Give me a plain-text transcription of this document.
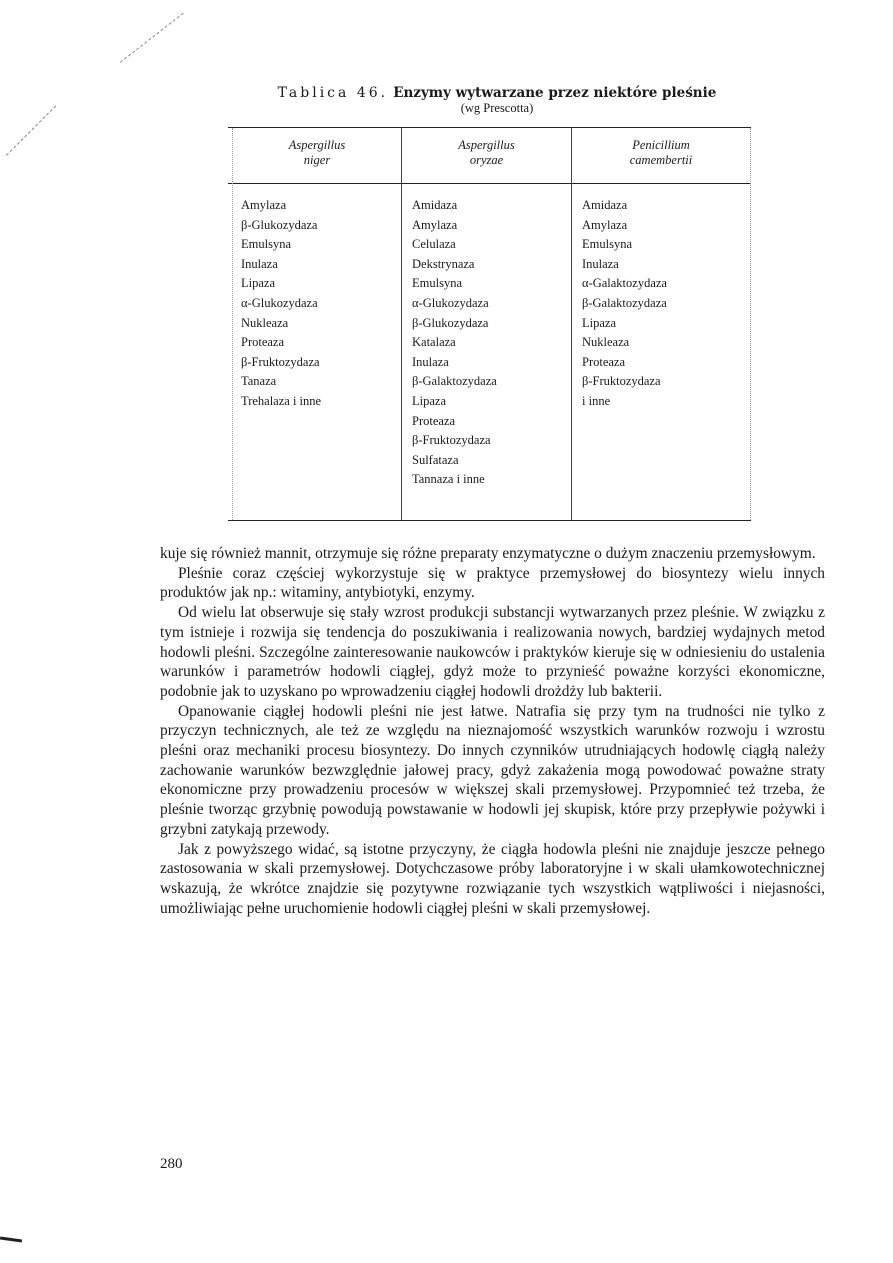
Tablica 46. Enzymy wytwarzane przez niektóre pleśnie
(wg Prescotta)
Aspergillus
niger
Aspergillus
oryzae
Penicillium
camembertii
Amylaza
β-Glukozydaza
Emulsyna
Inulaza
Lipaza
α-Glukozydaza
Nukleaza
Proteaza
β-Fruktozydaza
Tanaza
Trehalaza i inne
Amidaza
Amylaza
Celulaza
Dekstrynaza
Emulsyna
α-Glukozydaza
β-Glukozydaza
Katalaza
Inulaza
β-Galaktozydaza
Lipaza
Proteaza
β-Fruktozydaza
Sulfataza
Tannaza i inne
Amidaza
Amylaza
Emulsyna
Inulaza
α-Galaktozydaza
β-Galaktozydaza
Lipaza
Nukleaza
Proteaza
β-Fruktozydaza
i inne

kuje się również mannit, otrzymuje się różne preparaty enzymatyczne o dużym znaczeniu przemysłowym.

Pleśnie coraz częściej wykorzystuje się w praktyce przemysłowej do biosyntezy wielu innych produktów jak np.: witaminy, antybiotyki, enzymy.

Od wielu lat obserwuje się stały wzrost produkcji substancji wytwarzanych przez pleśnie. W związku z tym istnieje i rozwija się tendencja do poszukiwania i realizowania nowych, bardziej wydajnych metod hodowli pleśni. Szczególne zainteresowanie naukowców i praktyków kieruje się w odniesieniu do ustalenia warunków i parametrów hodowli ciągłej, gdyż może to przynieść poważne korzyści ekonomiczne, podobnie jak to uzyskano po wprowadzeniu ciągłej hodowli drożdży lub bakterii.

Opanowanie ciągłej hodowli pleśni nie jest łatwe. Natrafia się przy tym na trudności nie tylko z przyczyn technicznych, ale też ze względu na nieznajomość wszystkich warunków rozwoju i wzrostu pleśni oraz mechaniki procesu biosyntezy. Do innych czynników utrudniających hodowlę ciągłą należy zachowanie warunków bezwzględnie jałowej pracy, gdyż zakażenia mogą powodować poważne straty ekonomiczne przy prowadzeniu procesów w większej skali przemysłowej. Przypomnieć też trzeba, że pleśnie tworząc grzybnię powodują powstawanie w hodowli jej skupisk, które przy przepływie pożywki i grzybni zatykają przewody.

Jak z powyższego widać, są istotne przyczyny, że ciągła hodowla pleśni nie znajduje jeszcze pełnego zastosowania w skali przemysłowej. Dotychczasowe próby laboratoryjne i w skali ułamkowotechnicznej wskazują, że wkrótce znajdzie się pozytywne rozwiązanie tych wszystkich wątpliwości i niejasności, umożliwiając pełne uruchomienie hodowli ciągłej pleśni w skali przemysłowej.

280
